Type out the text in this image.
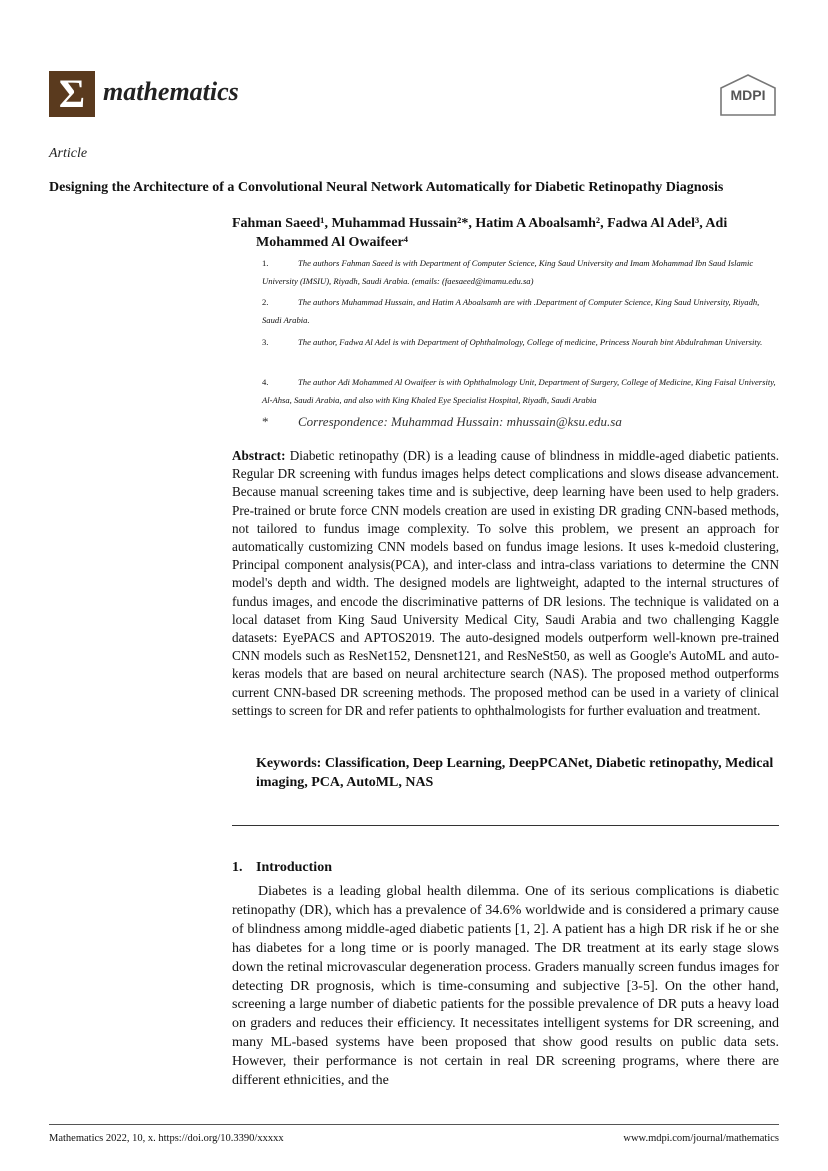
Σ mathematics	MDPI
Article
Designing the Architecture of a Convolutional Neural Network Automatically for Diabetic Retinopathy Diagnosis
Fahman Saeed¹, Muhammad Hussain²*, Hatim A Aboalsamh², Fadwa Al Adel³, Adi Mohammed Al Owaifeer⁴
1.	The authors Fahman Saeed is with Department of Computer Science, King Saud University and Imam Mohammad Ibn Saud Islamic University (IMSIU), Riyadh, Saudi Arabia. (emails: (faesaeed@imamu.edu.sa)
2.	The authors Muhammad Hussain, and Hatim A Aboalsamh are with .Department of Computer Science, King Saud University, Riyadh, Saudi Arabia.
3.	The author, Fadwa Al Adel is with Department of Ophthalmology, College of medicine, Princess Nourah bint Abdulrahman University.
4.	The author Adi Mohammed Al Owaifeer is with Ophthalmology Unit, Department of Surgery, College of Medicine, King Faisal University, Al-Ahsa, Saudi Arabia, and also with King Khaled Eye Specialist Hospital, Riyadh, Saudi Arabia
* Correspondence: Muhammad Hussain: mhussain@ksu.edu.sa
Abstract: Diabetic retinopathy (DR) is a leading cause of blindness in middle-aged diabetic patients. Regular DR screening with fundus images helps detect complications and slows disease advancement. Because manual screening takes time and is subjective, deep learning have been used to help graders. Pre-trained or brute force CNN models creation are used in existing DR grading CNN-based methods, not tailored to fundus image complexity. To solve this problem, we present an approach for automatically customizing CNN models based on fundus image lesions. It uses k-medoid clustering, Principal component analysis(PCA), and inter-class and intra-class variations to determine the CNN model's depth and width. The designed models are lightweight, adapted to the internal structures of fundus images, and encode the discriminative patterns of DR lesions. The technique is validated on a local dataset from King Saud University Medical City, Saudi Arabia and two challenging Kaggle datasets: EyePACS and APTOS2019. The auto-designed models outperform well-known pre-trained CNN models such as ResNet152, Densnet121, and ResNeSt50, as well as Google's AutoML and auto-keras models that are based on neural architecture search (NAS). The proposed method outperforms current CNN-based DR screening methods. The proposed method can be used in a variety of clinical settings to screen for DR and refer patients to ophthalmologists for further evaluation and treatment.
Keywords: Classification, Deep Learning, DeepPCANet, Diabetic retinopathy, Medical imaging, PCA, AutoML, NAS
1. Introduction
Diabetes is a leading global health dilemma. One of its serious complications is diabetic retinopathy (DR), which has a prevalence of 34.6% worldwide and is considered a primary cause of blindness among middle-aged diabetic patients [1, 2]. A patient has a high DR risk if he or she has diabetes for a long time or is poorly managed. The DR treatment at its early stage slows down the retinal microvascular degeneration process. Graders manually screen fundus images for detecting DR prognosis, which is time-consuming and subjective [3-5]. On the other hand, screening a large number of diabetic patients for the possible prevalence of DR puts a heavy load on graders and reduces their efficiency. It necessitates intelligent systems for DR screening, and many ML-based systems have been proposed that show good results on public data sets. However, their performance is not certain in real DR screening programs, where there are different ethnicities, and the
Mathematics 2022, 10, x. https://doi.org/10.3390/xxxxx	www.mdpi.com/journal/mathematics
